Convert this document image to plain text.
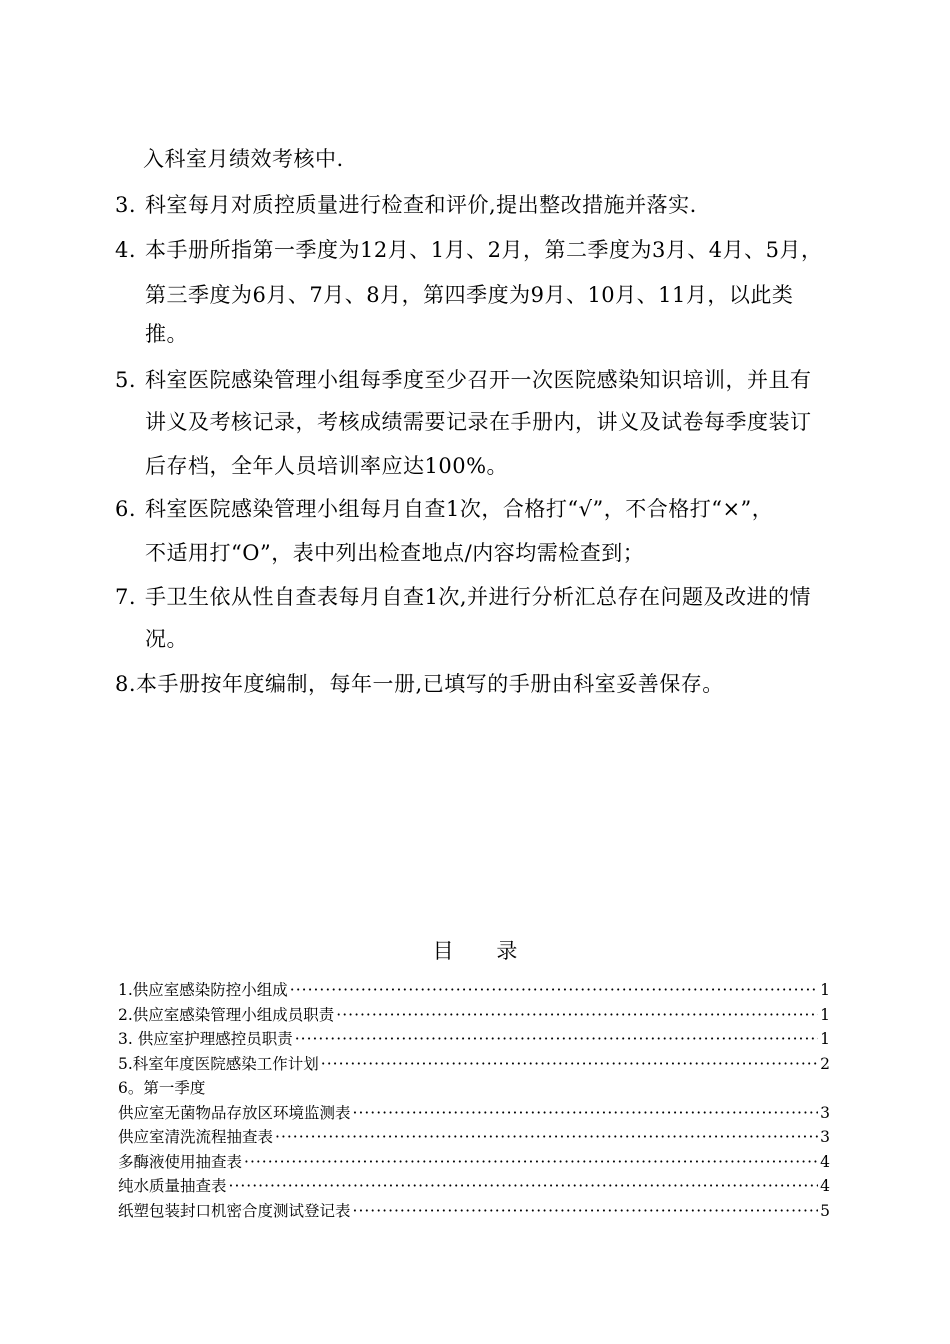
入科室月绩效考核中.
3. 科室每月对质控质量进行检查和评价,提出整改措施并落实.
4. 本手册所指第一季度为12月、1月、2月，第二季度为3月、4月、5月，
第三季度为6月、7月、8月，第四季度为9月、10月、11月，以此类
推。
5. 科室医院感染管理小组每季度至少召开一次医院感染知识培训，并且有
讲义及考核记录，考核成绩需要记录在手册内，讲义及试卷每季度装订
后存档，全年人员培训率应达100%。
6. 科室医院感染管理小组每月自查1次，合格打“√”，不合格打“×”，
不适用打“O”，表中列出检查地点/内容均需检查到；
7. 手卫生依从性自查表每月自查1次,并进行分析汇总存在问题及改进的情
况。
8.本手册按年度编制，每年一册,已填写的手册由科室妥善保存。
目 录
1.供应室感染防控小组成 ·····	1
2.供应室感染管理小组成员职责 ·····	1
3. 供应室护理感控员职责 ·····	1
5.科室年度医院感染工作计划 ·····	2
6。第一季度
供应室无菌物品存放区环境监测表 ·····	3
供应室清洗流程抽查表 ·····	3
多酶液使用抽查表 ·····	4
纯水质量抽查表 ·····	4
纸塑包装封口机密合度测试登记表 ·····	5
